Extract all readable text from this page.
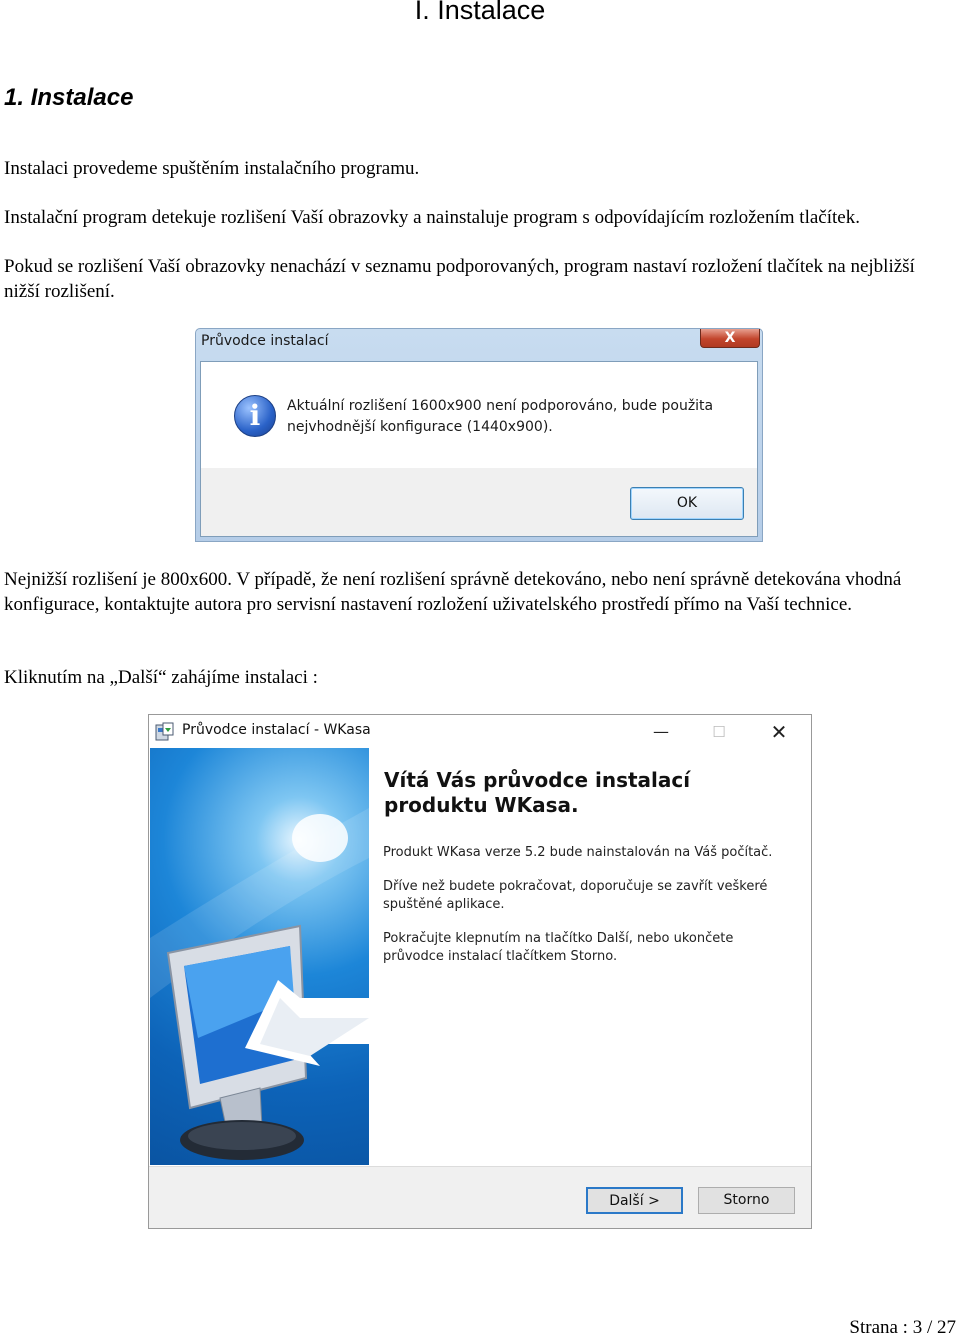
I. Instalace
1. Instalace

Instalaci provedeme spuštěním instalačního programu.

Instalační program detekuje rozlišení Vaší obrazovky a nainstaluje program s odpovídajícím rozložením tlačítek.

Pokud se rozlišení Vaší obrazovky nenachází v seznamu podporovaných, program nastaví rozložení tlačítek na nejbližší nižší rozlišení.

Průvodce instalací	X
i	Aktuální rozlišení 1600x900 není podporováno, bude použita
nejvhodnější konfigurace (1440x900).
OK

Nejnižší rozlišení je 800x600. V případě, že není rozlišení správně detekováno, nebo není správně detekována vhodná konfigurace, kontaktujte autora pro servisní nastavení rozložení uživatelského prostředí přímo na Vaší technice.

Kliknutím na „Další“ zahájíme instalaci :

Průvodce instalací - WKasa	—	☐	✕
Vítá Vás průvodce instalací
produktu WKasa.

Produkt WKasa verze 5.2 bude nainstalován na Váš počítač.

Dříve než budete pokračovat, doporučuje se zavřít veškeré
spuštěné aplikace.
Pokračujte klepnutím na tlačítko Další, nebo ukončete
průvodce instalací tlačítkem Storno.
Další >	Storno
Strana : 3 / 27
